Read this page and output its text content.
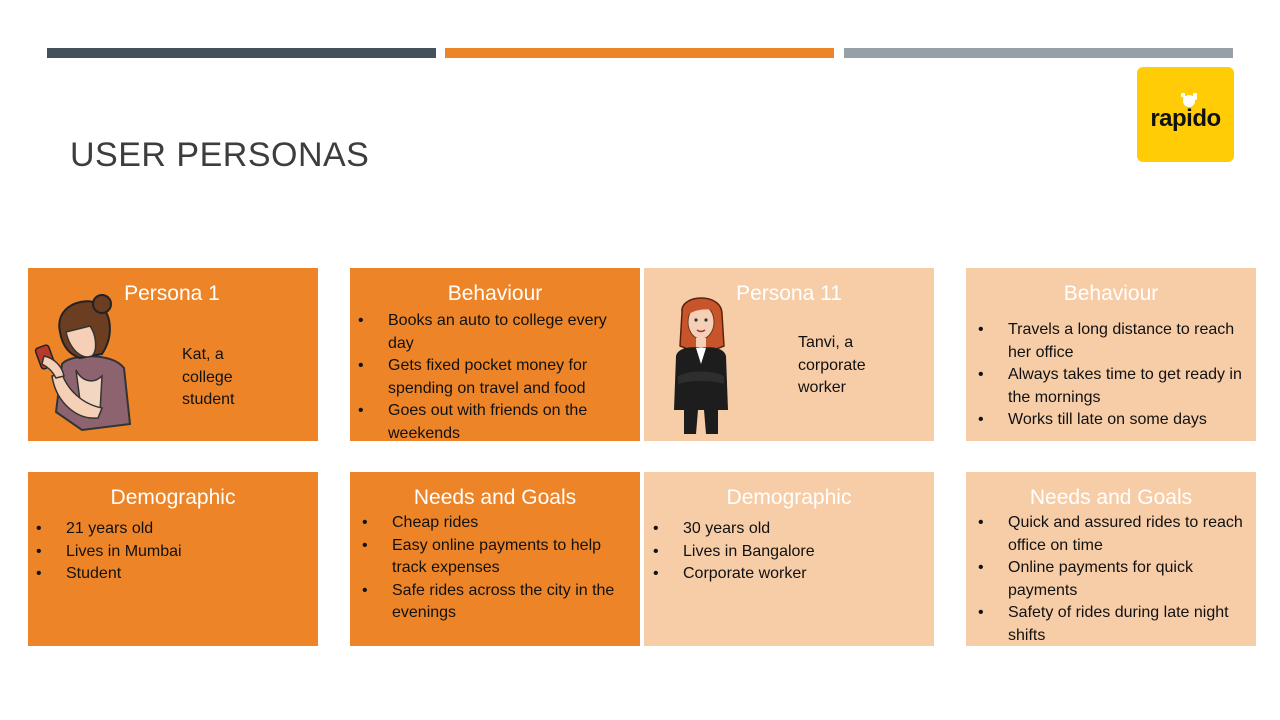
USER PERSONAS
rapido
Persona 1
Kat, a
college
student
Behaviour
• Books an auto to college every day
• Gets fixed pocket money for spending on travel and food
• Goes out with friends on the weekends
Persona 11
Tanvi, a
corporate
worker
Behaviour
• Travels a long distance to reach her office
• Always takes time to get ready in the mornings
• Works till late on some days
Demographic
• 21 years old
• Lives in Mumbai
• Student
Needs and Goals
• Cheap rides
• Easy online payments to help track expenses
• Safe rides across the city in the evenings
Demographic
• 30 years old
• Lives in Bangalore
• Corporate worker
Needs and Goals
• Quick and assured rides to reach office on time
• Online payments for quick payments
• Safety of rides during late night shifts
